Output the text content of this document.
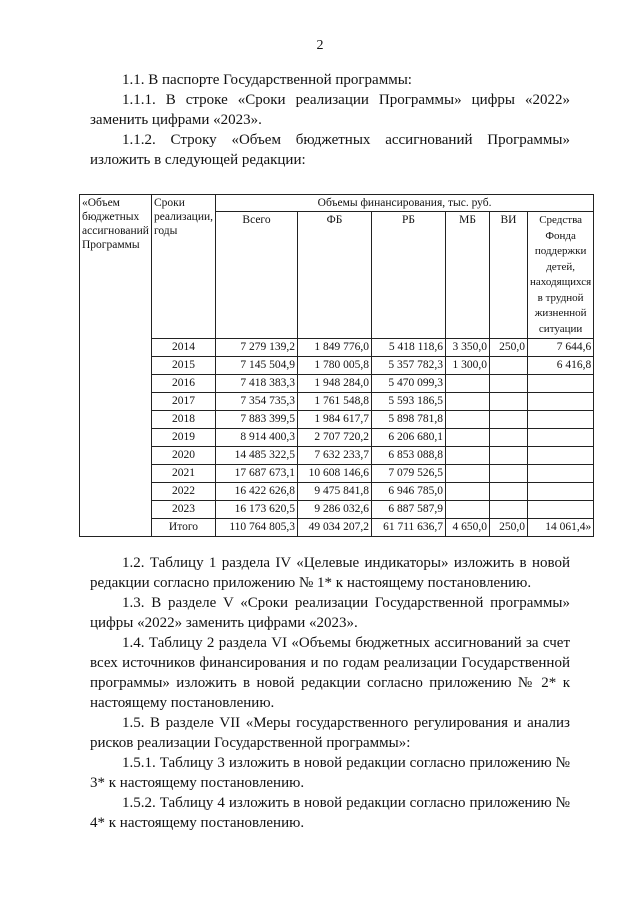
2

1.1. В паспорте Государственной программы:

1.1.1. В строке «Сроки реализации Программы» цифры «2022» заменить цифрами «2023».

1.1.2. Строку «Объем бюджетных ассигнований Программы» изложить в следующей редакции:

«Объем бюджетных ассигнований Программы	Сроки реализации, годы	Объемы финансирования, тыс. руб.					
		Всего	ФБ	РБ	МБ	ВИ	Средства Фонда поддержки детей, находящихся в трудной жизненной ситуации
	2014	7 279 139,2	1 849 776,0	5 418 118,6	3 350,0	250,0	7 644,6
	2015	7 145 504,9	1 780 005,8	5 357 782,3	1 300,0		6 416,8
	2016	7 418 383,3	1 948 284,0	5 470 099,3			
	2017	7 354 735,3	1 761 548,8	5 593 186,5			
	2018	7 883 399,5	1 984 617,7	5 898 781,8			
	2019	8 914 400,3	2 707 720,2	6 206 680,1			
	2020	14 485 322,5	7 632 233,7	6 853 088,8			
	2021	17 687 673,1	10 608 146,6	7 079 526,5			
	2022	16 422 626,8	9 475 841,8	6 946 785,0			
	2023	16 173 620,5	9 286 032,6	6 887 587,9			
	Итого	110 764 805,3	49 034 207,2	61 711 636,7	4 650,0	250,0	14 061,4»

1.2. Таблицу 1 раздела IV «Целевые индикаторы» изложить в новой редакции согласно приложению № 1* к настоящему постановлению.

1.3. В разделе V «Сроки реализации Государственной программы» цифры «2022» заменить цифрами «2023».

1.4. Таблицу 2 раздела VI «Объемы бюджетных ассигнований за счет всех источников финансирования и по годам реализации Государственной программы» изложить в новой редакции согласно приложению № 2* к настоящему постановлению.

1.5. В разделе VII «Меры государственного регулирования и анализ рисков реализации Государственной программы»:

1.5.1. Таблицу 3 изложить в новой редакции согласно приложению № 3* к настоящему постановлению.

1.5.2. Таблицу 4 изложить в новой редакции согласно приложению № 4* к настоящему постановлению.
